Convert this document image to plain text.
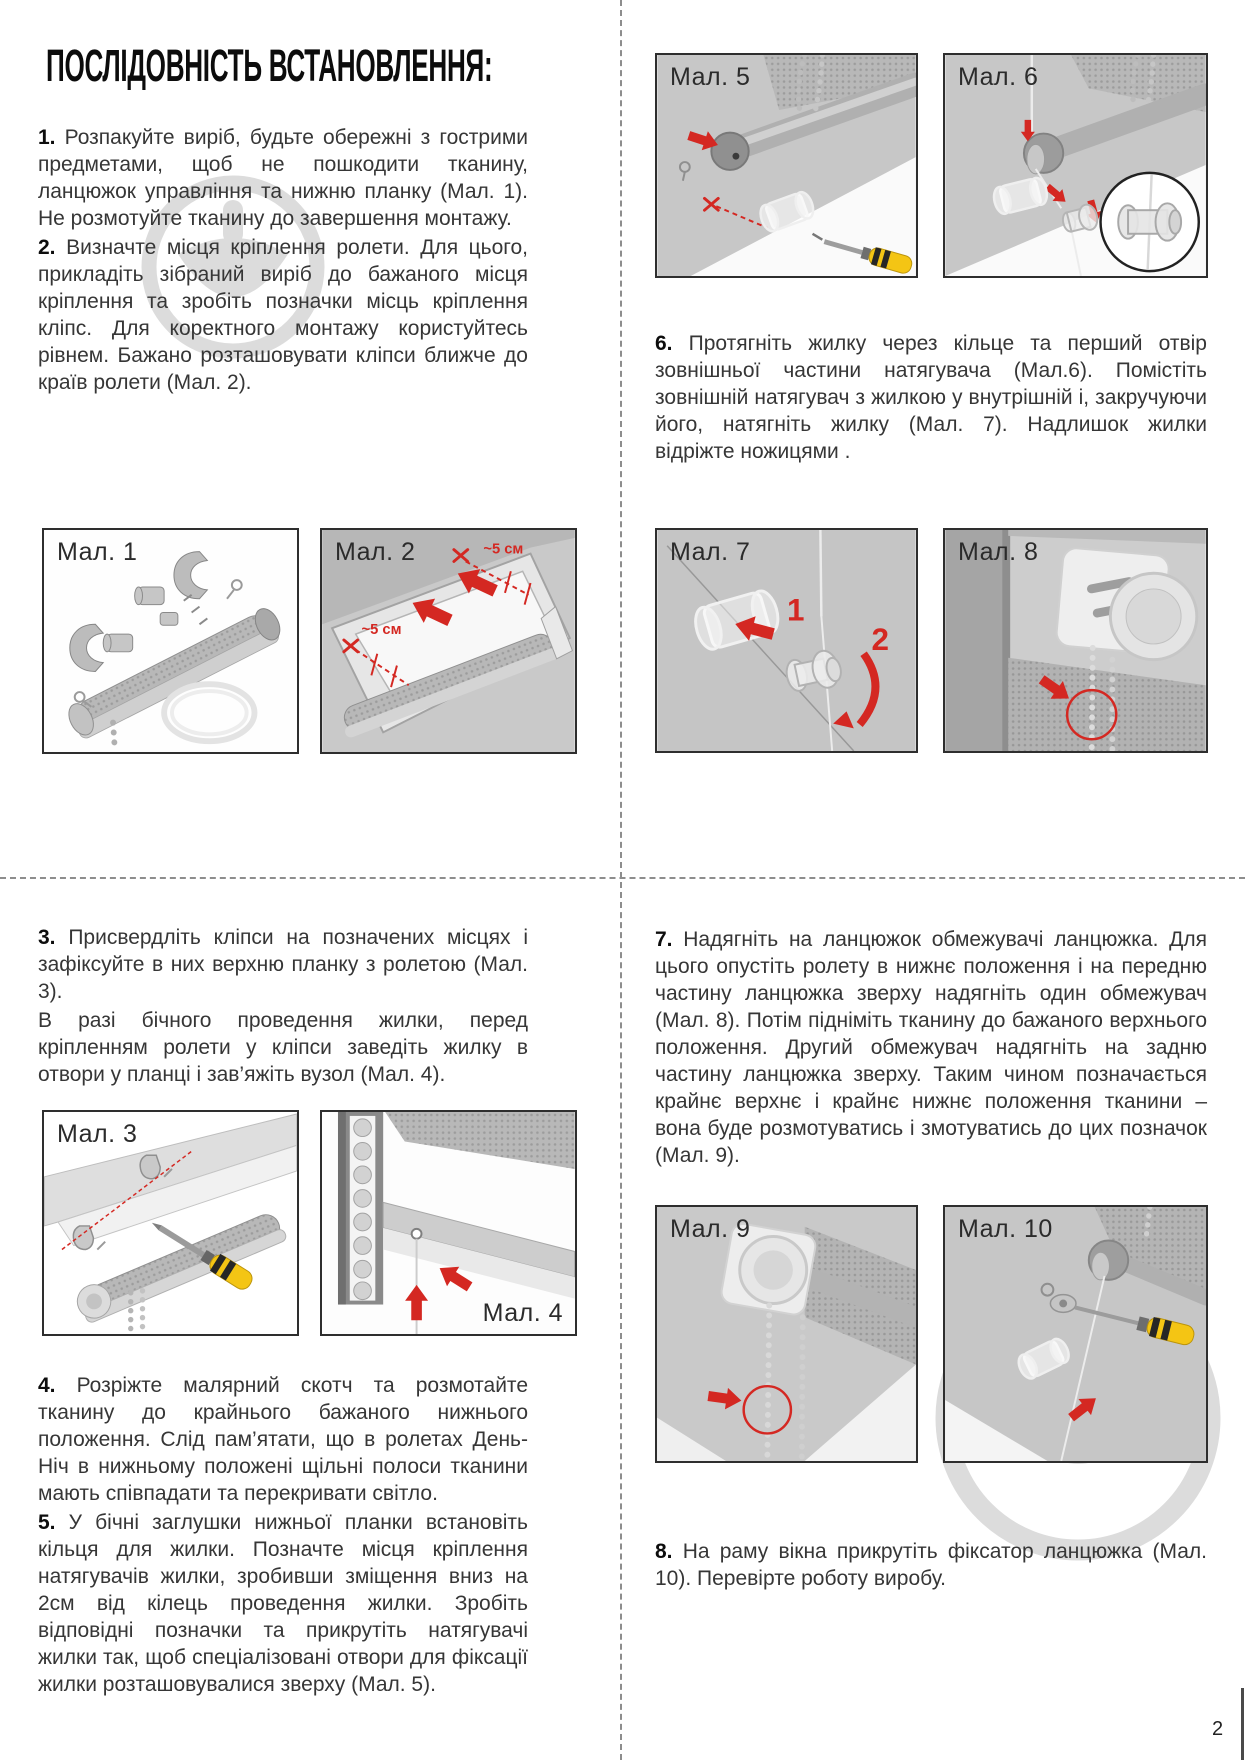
ПОСЛІДОВНІСТЬ ВСТАНОВЛЕННЯ:

1. Розпакуйте виріб, будьте обережні з гострими предметами, щоб не пошкодити тканину, ланцюжок управління та нижню планку (Мал. 1). Не розмотуйте тканину до завершення монтажу.

2. Визначте місця кріплення ролети. Для цього, прикладіть зібраний виріб до бажаного місця кріплення та зробіть позначки місць кріплення кліпс. Для коректного монтажу користуйтесь рівнем. Бажано розташовувати кліпси ближче до країв ролети (Мал. 2).

Мал. 5	Мал. 6

6. Протягніть жилку через кільце та перший отвір зовнішньої частини натягувача (Мал.6). Помістіть зовнішній натягувач з жилкою у внутрішній і, закручуючи його, натягніть жилку (Мал. 7). Надлишок жилки відріжте ножицями .

Мал. 1	~5 см
~5 см
Мал. 2
1
2
Мал. 7	Мал. 8

3. Присвердліть кліпси на позначених місцях і зафіксуйте в них верхню планку з ролетою (Мал. 3).

В разі бічного проведення жилки, перед кріпленням ролети у кліпси заведіть жилку в отвори у планці і зав’яжіть вузол (Мал. 4).

Мал. 3
Мал. 4

4. Розріжте малярний скотч та розмотайте тканину до крайнього бажаного нижнього положення. Слід пам’ятати, що в ролетах День-Ніч в нижньому положені щільні полоси тканини мають співпадати та перекривати світло.

5. У бічні заглушки нижньої планки встановіть кільця для жилки. Позначте місця кріплення натягувачів жилки, зробивши зміщення вниз на 2см від кілець проведення жилки. Зробіть відповідні позначки та прикрутіть натягувачі жилки так, щоб спеціалізовані отвори для фіксації жилки розташовувалися зверху (Мал. 5).

7. Надягніть на ланцюжок обмежувачі ланцюжка. Для цього опустіть ролету в нижнє положення і на передню частину ланцюжка зверху надягніть один обмежувач (Мал. 8). Потім підніміть тканину до бажаного верхнього положення. Другий обмежувач надягніть на задню частину ланцюжка зверху. Таким чином позначається крайнє верхнє і крайнє нижнє положення тканини – вона буде розмотуватись і змотуватись до цих позначок (Мал. 9).

Мал. 9	Мал. 10

8. На раму вікна прикрутіть фіксатор ланцюжка (Мал. 10). Перевірте роботу виробу.

2
